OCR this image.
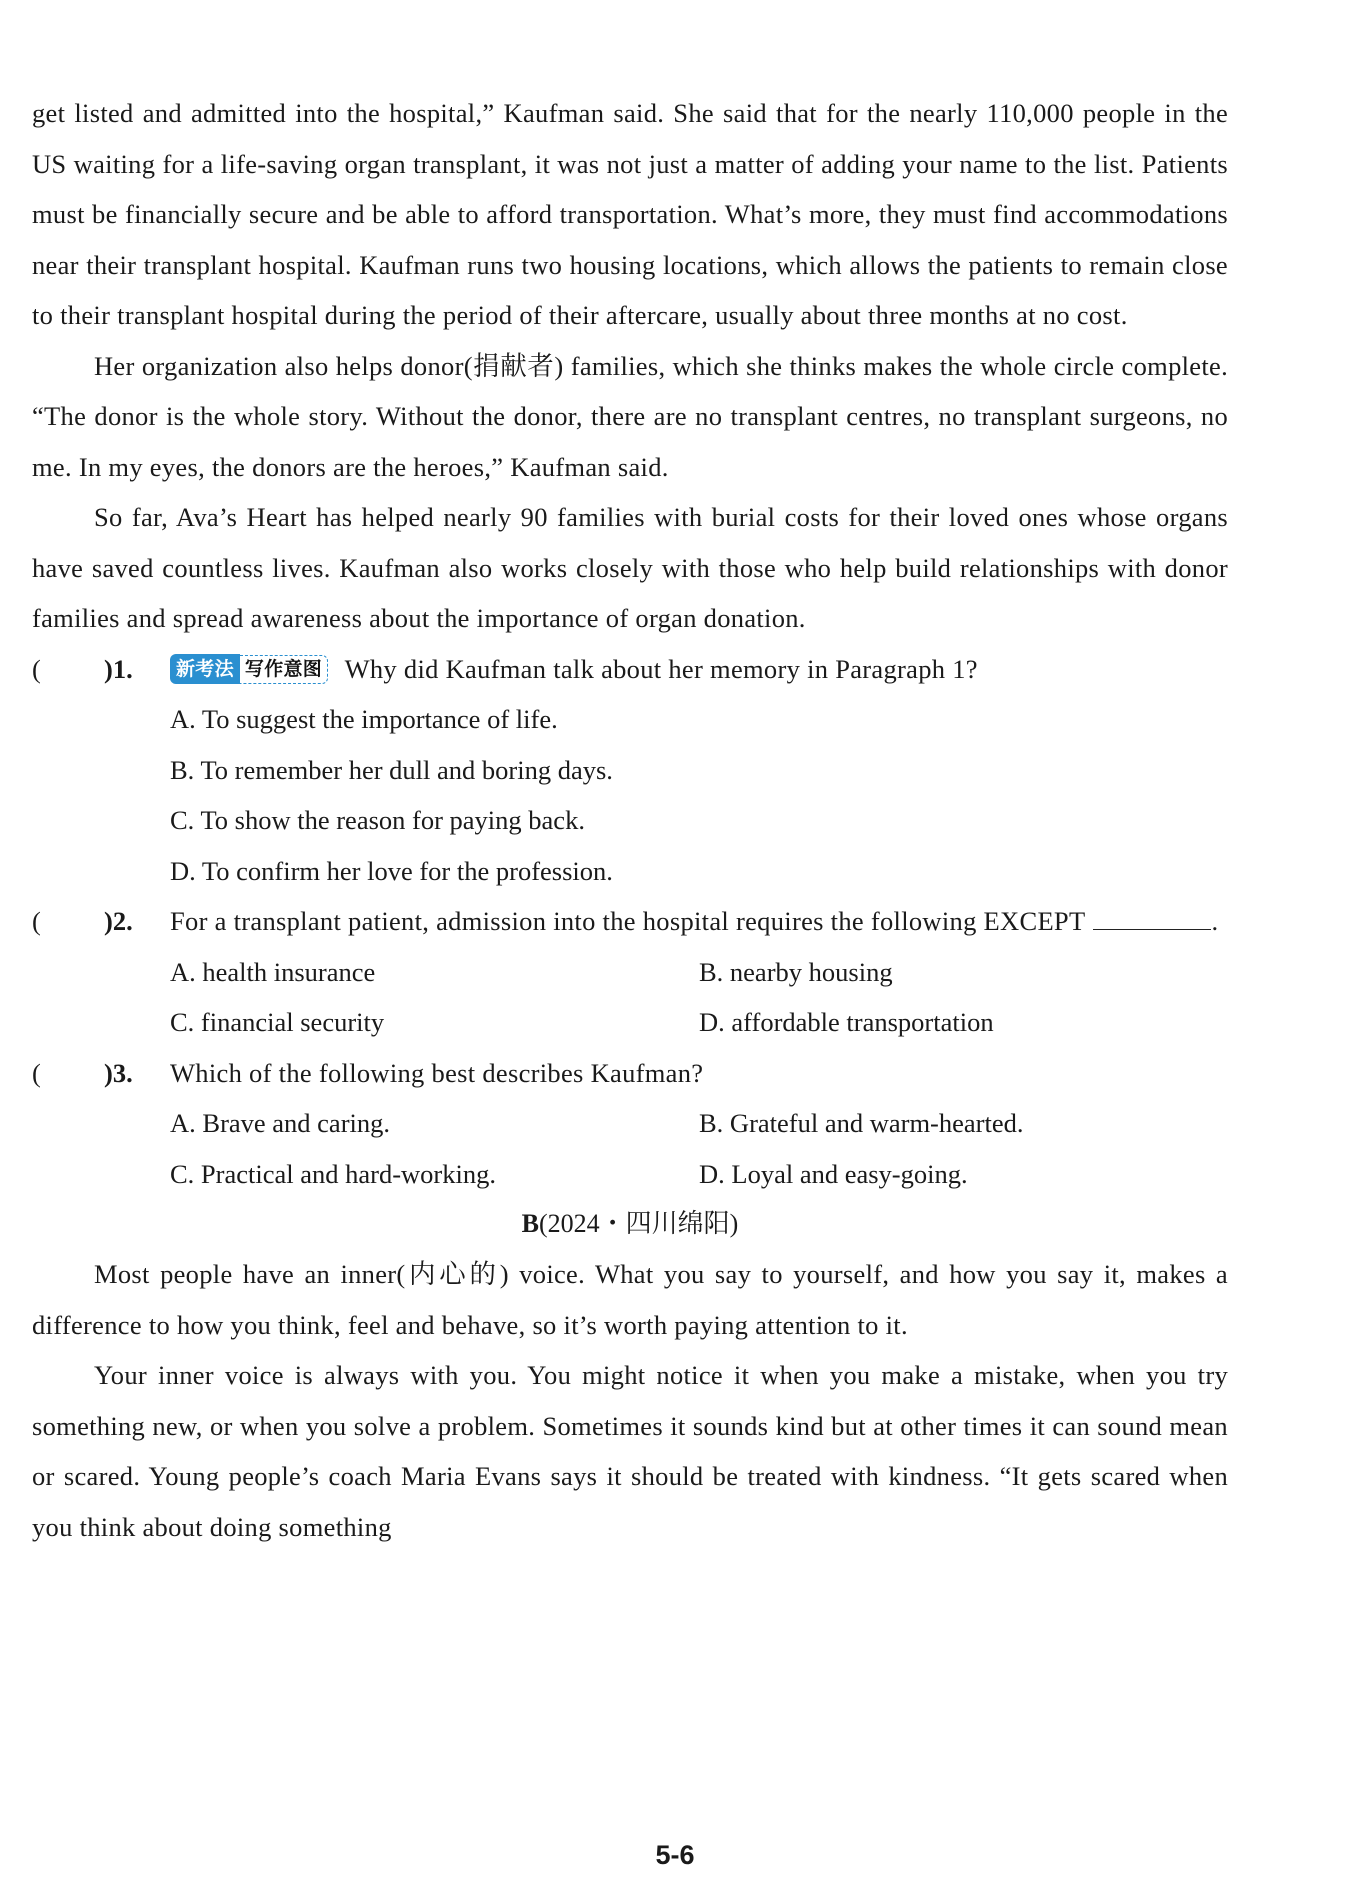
get listed and admitted into the hospital,” Kaufman said. She said that for the nearly 110,000 people in the US waiting for a life-saving organ transplant, it was not just a matter of adding your name to the list. Patients must be financially secure and be able to afford transportation. What’s more, they must find accommodations near their transplant hospital. Kaufman runs two housing locations, which allows the patients to remain close to their transplant hospital during the period of their aftercare, usually about three months at no cost.

Her organization also helps donor(捐献者) families, which she thinks makes the whole circle complete. “The donor is the whole story. Without the donor, there are no transplant centres, no transplant surgeons, no me. In my eyes, the donors are the heroes,” Kaufman said.

So far, Ava’s Heart has helped nearly 90 families with burial costs for their loved ones whose organs have saved countless lives. Kaufman also works closely with those who help build relationships with donor families and spread awareness about the importance of organ donation.

( )1.	新考法 写作意图 Why did Kaufman talk about her memory in Paragraph 1?
A. To suggest the importance of life.
B. To remember her dull and boring days.
C. To show the reason for paying back.
D. To confirm her love for the profession.
( )2. For a transplant patient, admission into the hospital requires the following EXCEPT	.
A. health insurance	B. nearby housing
C. financial security	D. affordable transportation
( )3. Which of the following best describes Kaufman?
A. Brave and caring.	B. Grateful and warm-hearted.
C. Practical and hard-working.	D. Loyal and easy-going.
B(2024・四川绵阳)

Most people have an inner(内心的) voice. What you say to yourself, and how you say it, makes a difference to how you think, feel and behave, so it’s worth paying attention to it.

Your inner voice is always with you. You might notice it when you make a mistake, when you try something new, or when you solve a problem. Sometimes it sounds kind but at other times it can sound mean or scared. Young people’s coach Maria Evans says it should be treated with kindness. “It gets scared when you think about doing something

5-6
